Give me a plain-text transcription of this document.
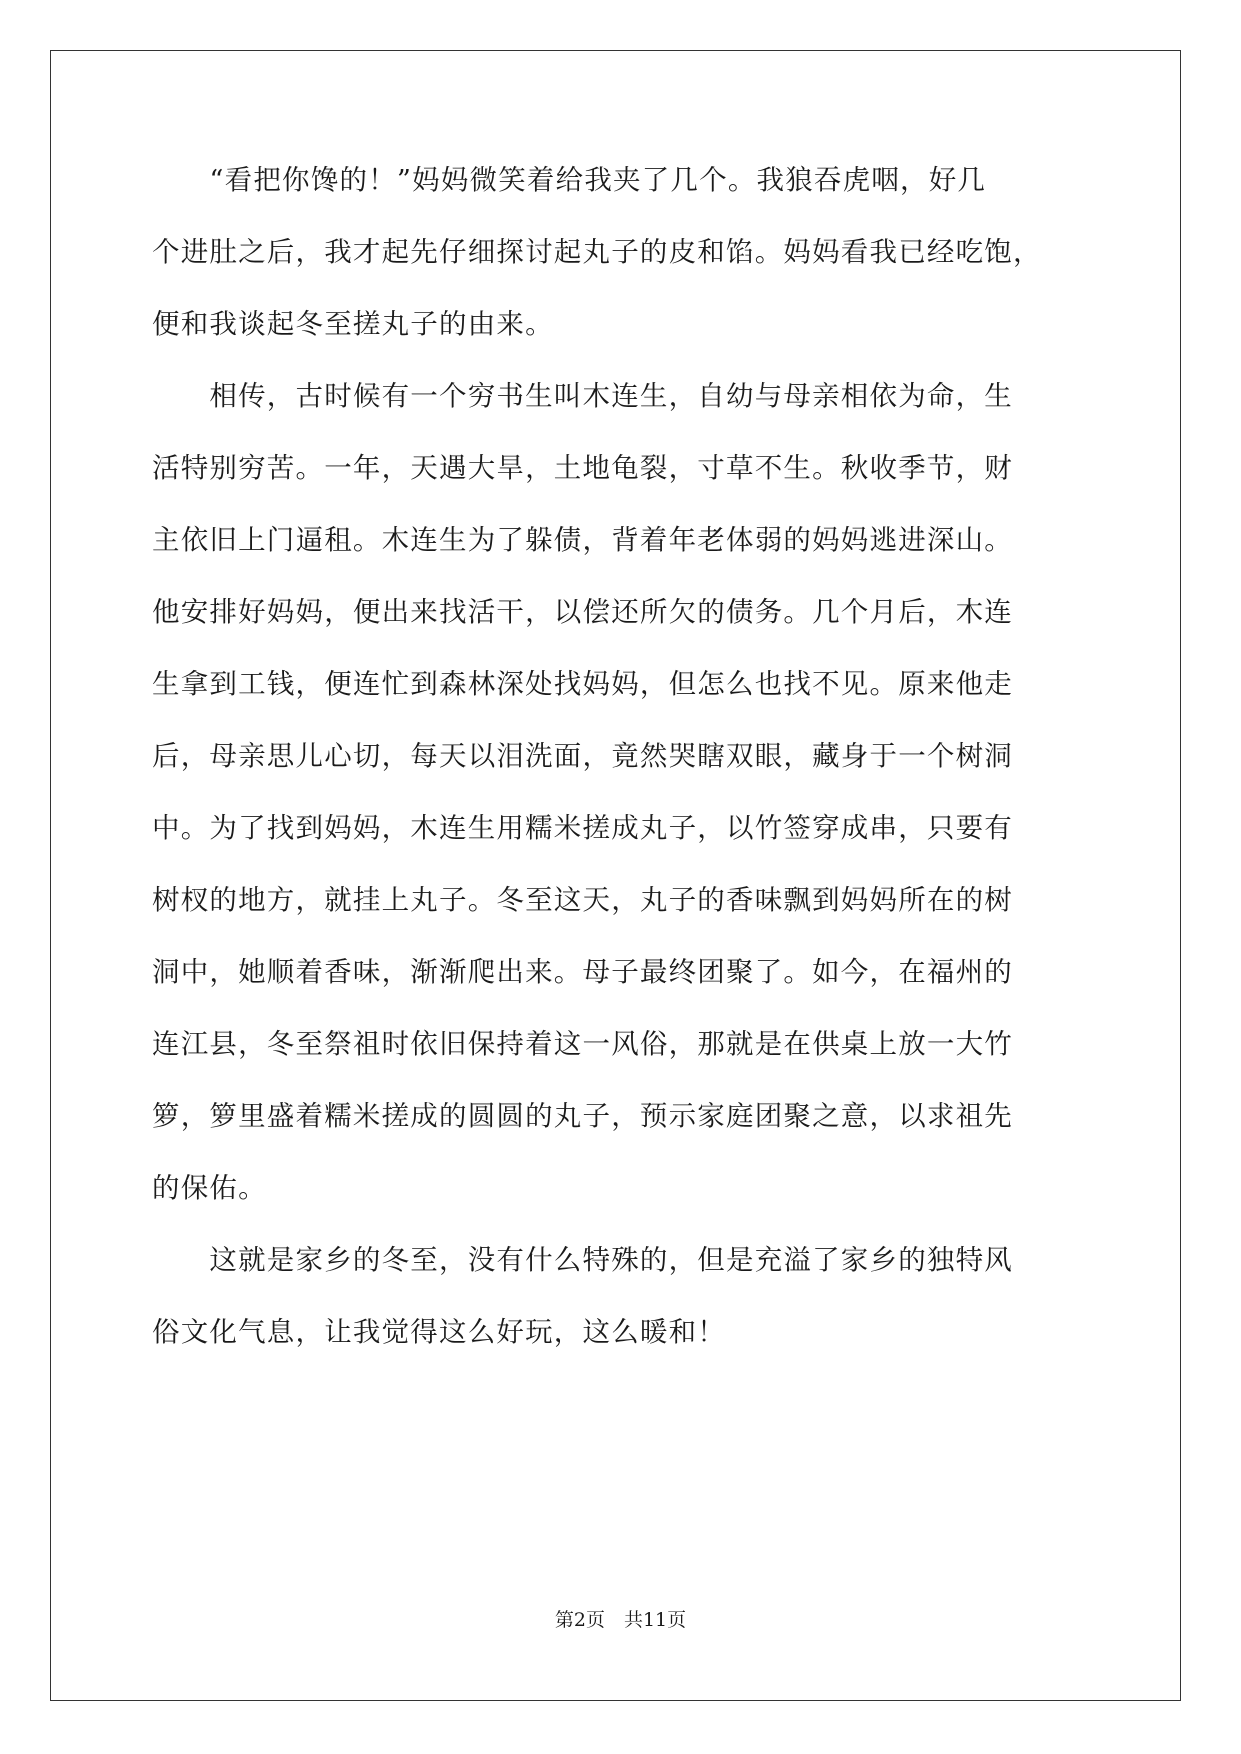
　　“看把你馋的！”妈妈微笑着给我夹了几个。我狼吞虎咽，好几
个进肚之后，我才起先仔细探讨起丸子的皮和馅。妈妈看我已经吃饱，
便和我谈起冬至搓丸子的由来。
　　相传，古时候有一个穷书生叫木连生，自幼与母亲相依为命，生
活特别穷苦。一年，天遇大旱，土地龟裂，寸草不生。秋收季节，财
主依旧上门逼租。木连生为了躲债，背着年老体弱的妈妈逃进深山。
他安排好妈妈，便出来找活干，以偿还所欠的债务。几个月后，木连
生拿到工钱，便连忙到森林深处找妈妈，但怎么也找不见。原来他走
后，母亲思儿心切，每天以泪洗面，竟然哭瞎双眼，藏身于一个树洞
中。为了找到妈妈，木连生用糯米搓成丸子，以竹签穿成串，只要有
树杈的地方，就挂上丸子。冬至这天，丸子的香味飘到妈妈所在的树
洞中，她顺着香味，渐渐爬出来。母子最终团聚了。如今，在福州的
连江县，冬至祭祖时依旧保持着这一风俗，那就是在供桌上放一大竹
箩，箩里盛着糯米搓成的圆圆的丸子，预示家庭团聚之意，以求祖先
的保佑。
　　这就是家乡的冬至，没有什么特殊的，但是充溢了家乡的独特风
俗文化气息，让我觉得这么好玩，这么暖和！
第2页　共11页
